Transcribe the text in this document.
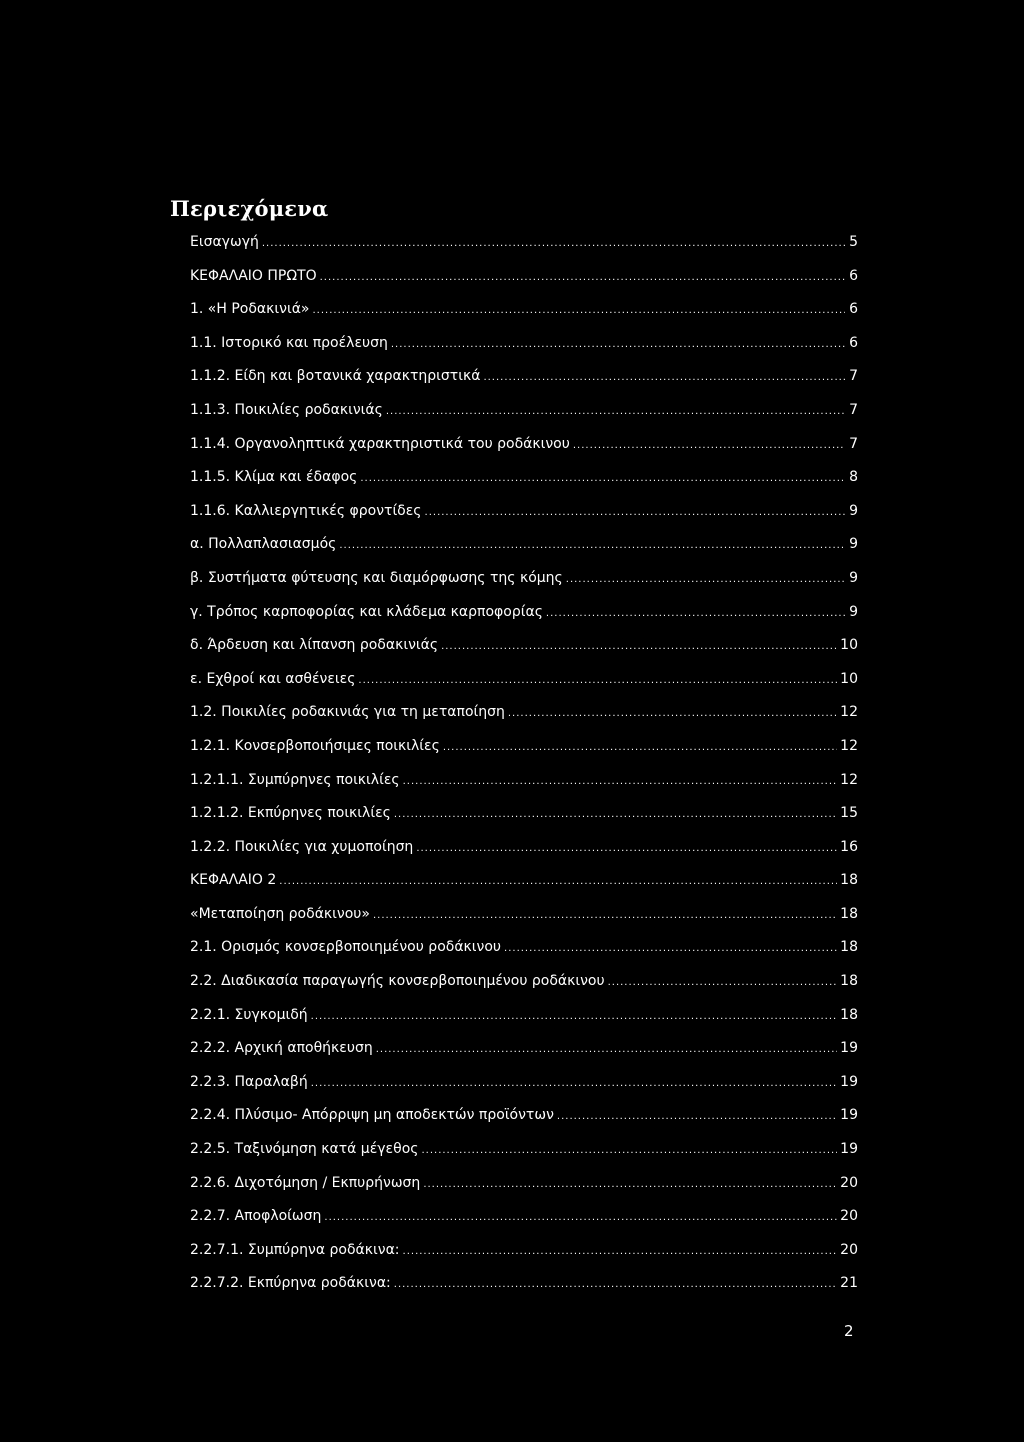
Περιεχόμενα
Εισαγωγή .....	5
ΚΕΦΑΛΑΙΟ ΠΡΩΤΟ .....	6
1. «Η Ροδακινιά» .....	6
1.1. Ιστορικό και προέλευση .....	6
1.1.2. Είδη και βοτανικά χαρακτηριστικά .....	7
1.1.3. Ποικιλίες ροδακινιάς .....	7
1.1.4. Οργανοληπτικά χαρακτηριστικά του ροδάκινου .....	7
1.1.5. Κλίμα και έδαφος .....	8
1.1.6. Καλλιεργητικές φροντίδες .....	9
α. Πολλαπλασιασμός .....	9
β. Συστήματα φύτευσης και διαμόρφωσης της κόμης .....	9
γ. Τρόπος καρποφορίας και κλάδεμα καρποφορίας .....	9
δ. Άρδευση και λίπανση ροδακινιάς .....	10
ε. Εχθροί και ασθένειες .....	10
1.2. Ποικιλίες ροδακινιάς για τη μεταποίηση .....	12
1.2.1. Κονσερβοποιήσιμες ποικιλίες .....	12
1.2.1.1. Συμπύρηνες ποικιλίες .....	12
1.2.1.2. Εκπύρηνες ποικιλίες .....	15
1.2.2. Ποικιλίες για χυμοποίηση .....	16
ΚΕΦΑΛΑΙΟ 2 .....	18
«Μεταποίηση ροδάκινου» .....	18
2.1. Ορισμός κονσερβοποιημένου ροδάκινου .....	18
2.2. Διαδικασία παραγωγής κονσερβοποιημένου ροδάκινου .....	18
2.2.1. Συγκομιδή .....	18
2.2.2. Αρχική αποθήκευση .....	19
2.2.3. Παραλαβή .....	19
2.2.4. Πλύσιμο- Απόρριψη μη αποδεκτών προϊόντων .....	19
2.2.5. Ταξινόμηση κατά μέγεθος .....	19
2.2.6. Διχοτόμηση / Εκπυρήνωση .....	20
2.2.7. Αποφλοίωση .....	20
2.2.7.1. Συμπύρηνα ροδάκινα: .....	20
2.2.7.2. Εκπύρηνα ροδάκινα: .....	21
2
